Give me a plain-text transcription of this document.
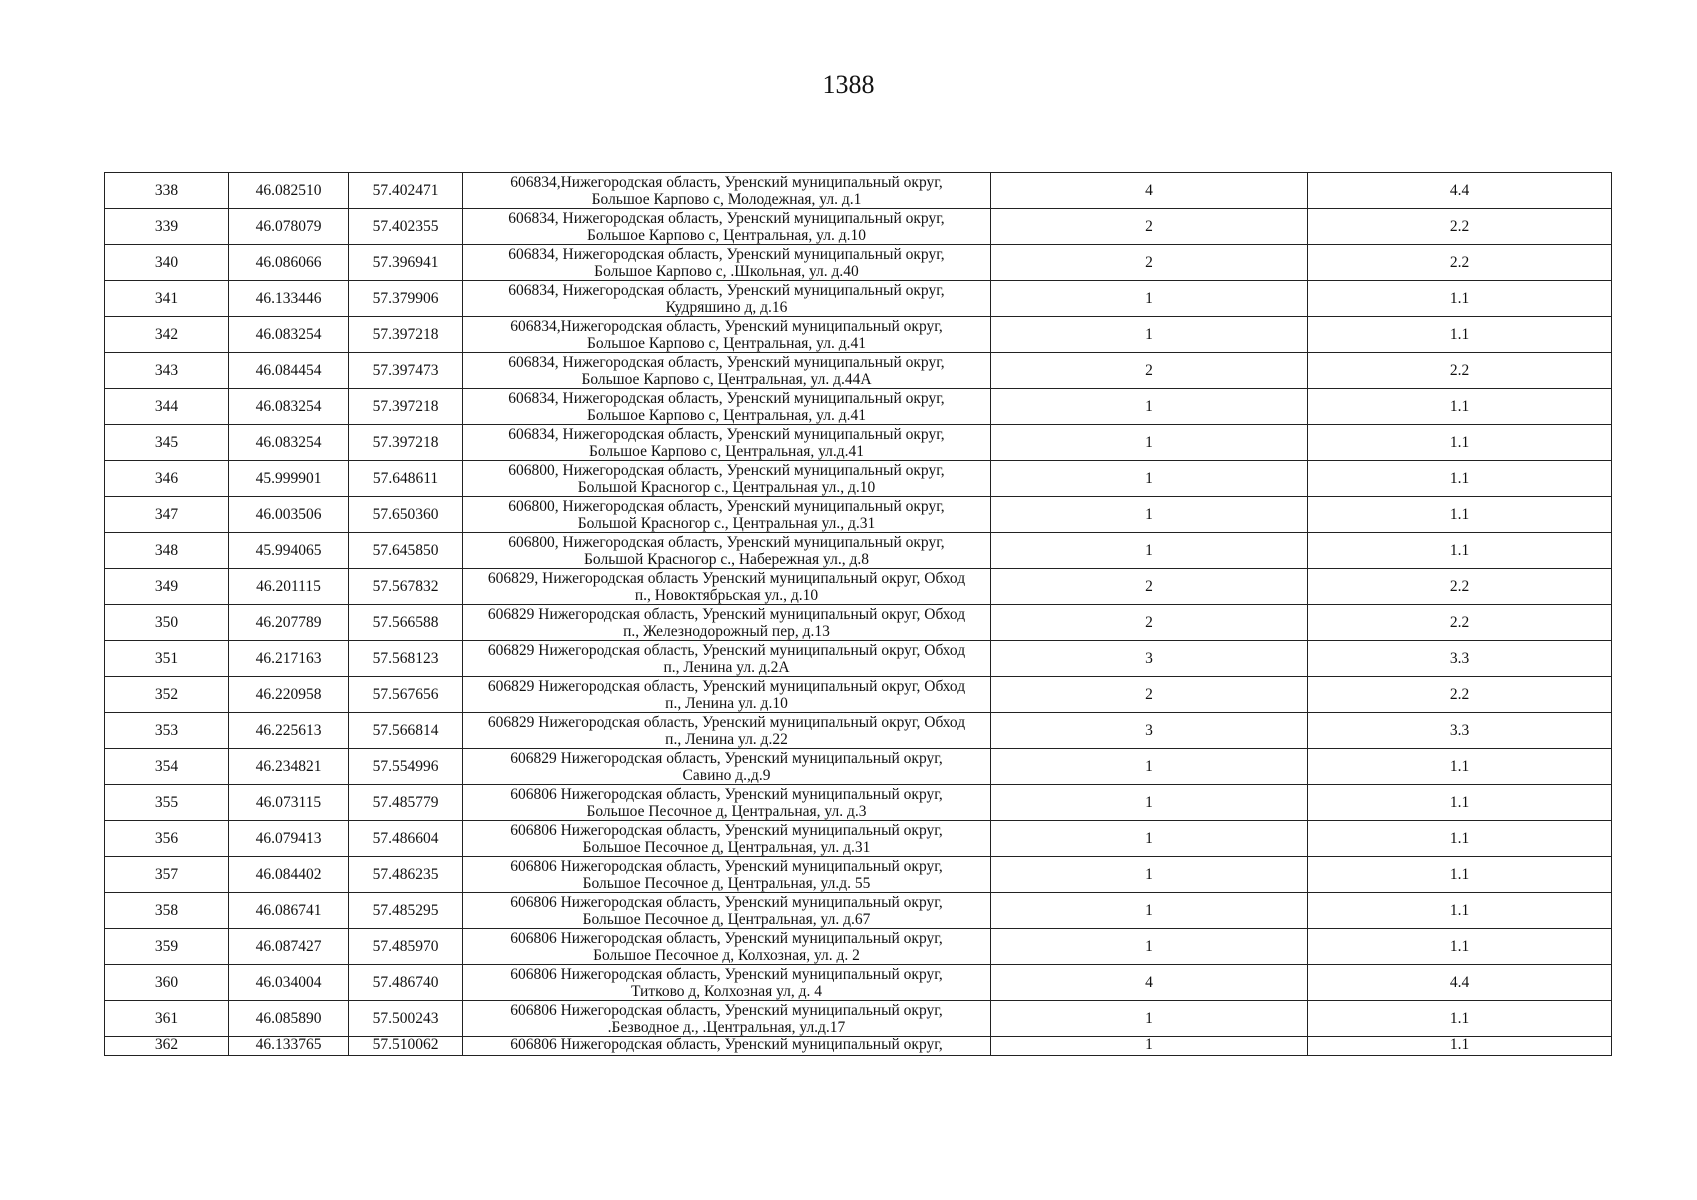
1388
338	46.082510	57.402471	606834,Нижегородская область, Уренский муниципальный округ,
Большое Карпово с, Молодежная, ул. д.1	4	4.4
339	46.078079	57.402355	606834, Нижегородская область, Уренский муниципальный округ,
Большое Карпово с, Центральная, ул. д.10	2	2.2
340	46.086066	57.396941	606834, Нижегородская область, Уренский муниципальный округ,
Большое Карпово с, .Школьная, ул. д.40	2	2.2
341	46.133446	57.379906	606834, Нижегородская область, Уренский муниципальный округ,
Кудряшино д, д.16	1	1.1
342	46.083254	57.397218	606834,Нижегородская область, Уренский муниципальный округ,
Большое Карпово с, Центральная, ул. д.41	1	1.1
343	46.084454	57.397473	606834, Нижегородская область, Уренский муниципальный округ,
Большое Карпово с, Центральная, ул. д.44А	2	2.2
344	46.083254	57.397218	606834, Нижегородская область, Уренский муниципальный округ,
Большое Карпово с, Центральная, ул. д.41	1	1.1
345	46.083254	57.397218	606834, Нижегородская область, Уренский муниципальный округ,
Большое Карпово с, Центральная, ул.д.41	1	1.1
346	45.999901	57.648611	606800, Нижегородская область, Уренский муниципальный округ,
Большой Красногор с., Центральная ул., д.10	1	1.1
347	46.003506	57.650360	606800, Нижегородская область, Уренский муниципальный округ,
Большой Красногор с., Центральная ул., д.31	1	1.1
348	45.994065	57.645850	606800, Нижегородская область, Уренский муниципальный округ,
Большой Красногор с., Набережная ул., д.8	1	1.1
349	46.201115	57.567832	606829, Нижегородская область Уренский муниципальный округ, Обход
п., Новоктябрьская ул., д.10	2	2.2
350	46.207789	57.566588	606829 Нижегородская область, Уренский муниципальный округ, Обход
п., Железнодорожный пер, д.13	2	2.2
351	46.217163	57.568123	606829 Нижегородская область, Уренский муниципальный округ, Обход
п., Ленина ул. д.2А	3	3.3
352	46.220958	57.567656	606829 Нижегородская область, Уренский муниципальный округ, Обход
п., Ленина ул. д.10	2	2.2
353	46.225613	57.566814	606829 Нижегородская область, Уренский муниципальный округ, Обход
п., Ленина ул. д.22	3	3.3
354	46.234821	57.554996	606829 Нижегородская область, Уренский муниципальный округ,
Савино д.,д.9	1	1.1
355	46.073115	57.485779	606806 Нижегородская область, Уренский муниципальный округ,
Большое Песочное д, Центральная, ул. д.3	1	1.1
356	46.079413	57.486604	606806 Нижегородская область, Уренский муниципальный округ,
Большое Песочное д, Центральная, ул. д.31	1	1.1
357	46.084402	57.486235	606806 Нижегородская область, Уренский муниципальный округ,
Большое Песочное д, Центральная, ул.д. 55	1	1.1
358	46.086741	57.485295	606806 Нижегородская область, Уренский муниципальный округ,
Большое Песочное д, Центральная, ул. д.67	1	1.1
359	46.087427	57.485970	606806 Нижегородская область, Уренский муниципальный округ,
Большое Песочное д, Колхозная, ул. д. 2	1	1.1
360	46.034004	57.486740	606806 Нижегородская область, Уренский муниципальный округ,
Титково д, Колхозная ул, д. 4	4	4.4
361	46.085890	57.500243	606806 Нижегородская область, Уренский муниципальный округ,
.Безводное д., .Центральная, ул.д.17	1	1.1
362	46.133765	57.510062	606806 Нижегородская область, Уренский муниципальный округ,	1	1.1
